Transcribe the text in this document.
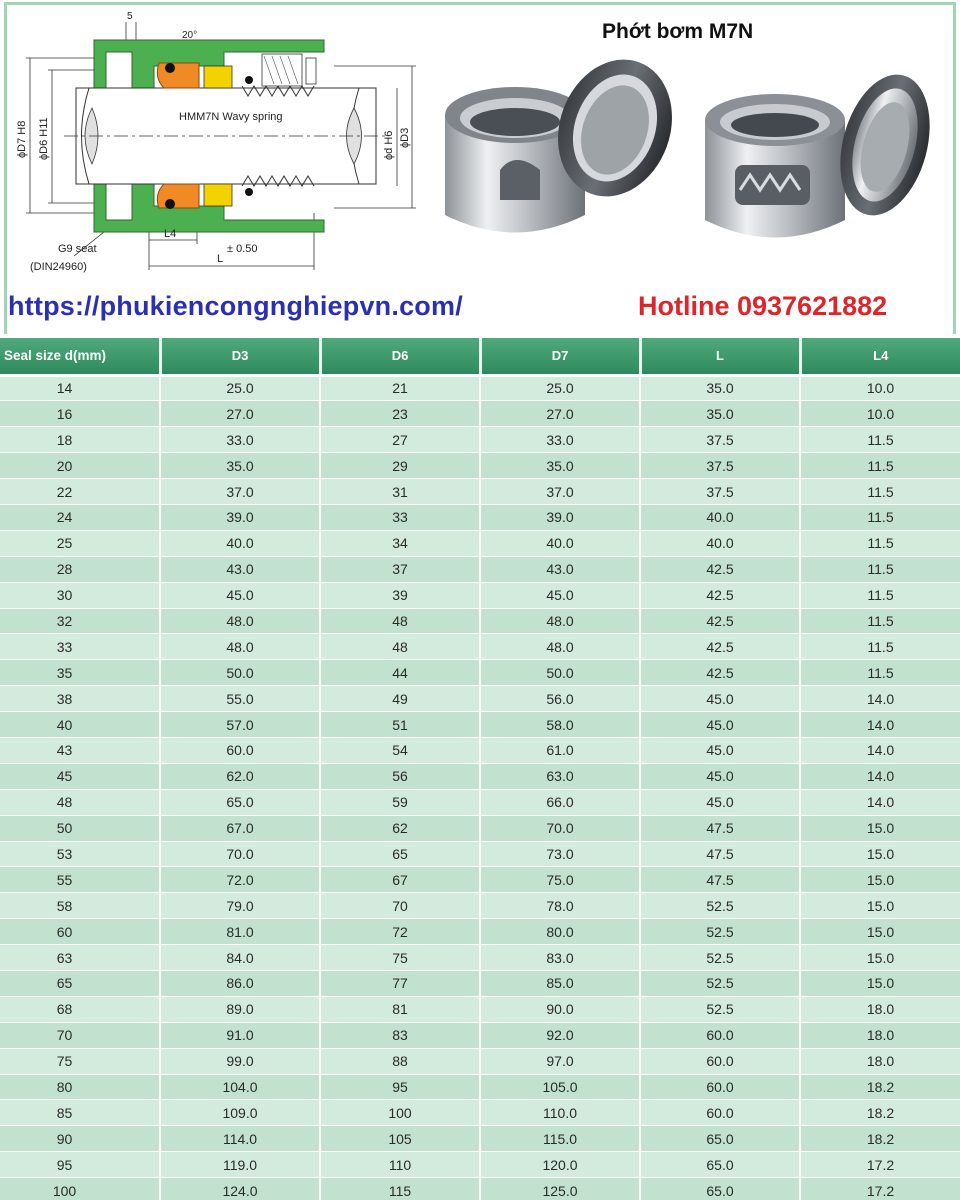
5
20°
HMM7N Wavy spring
ϕD7 H8 ϕD6 H11	ϕd H6 ϕD3
L4
L
± 0.50
G9 seat
(DIN24960)
Phớt bơm M7N
https://phukiencongnghiepvn.com/	Hotline 0937621882
Seal size d(mm)	D3	D6	D7	L	L4
14	25.0	21	25.0	35.0	10.0
16	27.0	23	27.0	35.0	10.0
18	33.0	27	33.0	37.5	11.5
20	35.0	29	35.0	37.5	11.5
22	37.0	31	37.0	37.5	11.5
24	39.0	33	39.0	40.0	11.5
25	40.0	34	40.0	40.0	11.5
28	43.0	37	43.0	42.5	11.5
30	45.0	39	45.0	42.5	11.5
32	48.0	48	48.0	42.5	11.5
33	48.0	48	48.0	42.5	11.5
35	50.0	44	50.0	42.5	11.5
38	55.0	49	56.0	45.0	14.0
40	57.0	51	58.0	45.0	14.0
43	60.0	54	61.0	45.0	14.0
45	62.0	56	63.0	45.0	14.0
48	65.0	59	66.0	45.0	14.0
50	67.0	62	70.0	47.5	15.0
53	70.0	65	73.0	47.5	15.0
55	72.0	67	75.0	47.5	15.0
58	79.0	70	78.0	52.5	15.0
60	81.0	72	80.0	52.5	15.0
63	84.0	75	83.0	52.5	15.0
65	86.0	77	85.0	52.5	15.0
68	89.0	81	90.0	52.5	18.0
70	91.0	83	92.0	60.0	18.0
75	99.0	88	97.0	60.0	18.0
80	104.0	95	105.0	60.0	18.2
85	109.0	100	110.0	60.0	18.2
90	114.0	105	115.0	65.0	18.2
95	119.0	110	120.0	65.0	17.2
100	124.0	115	125.0	65.0	17.2
